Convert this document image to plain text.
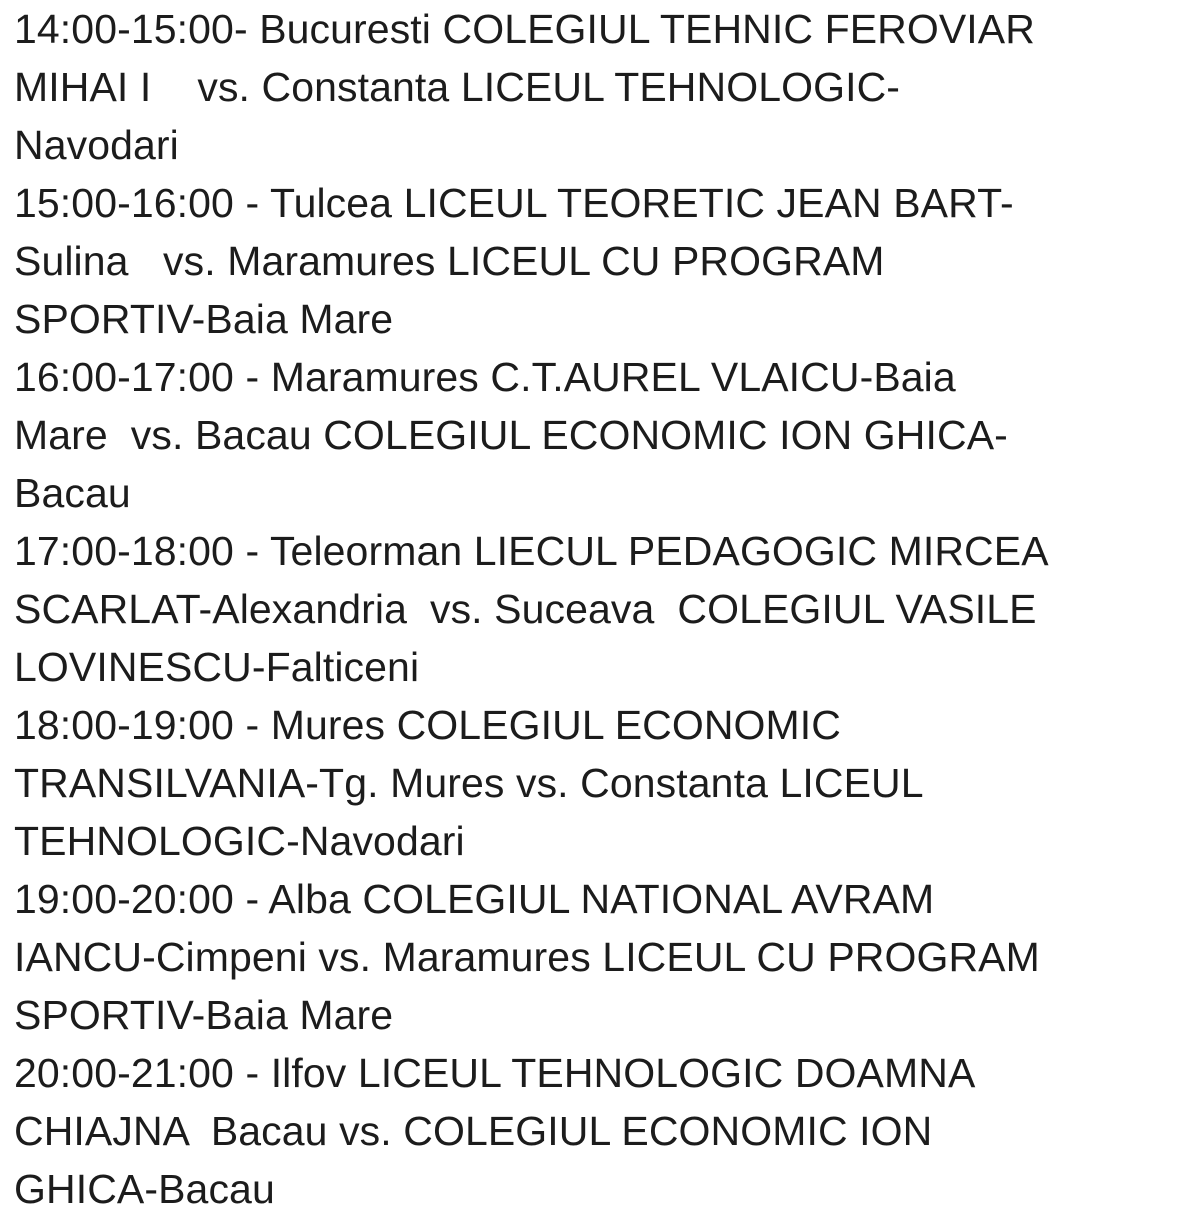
14:00-15:00- Bucuresti COLEGIUL TEHNIC FEROVIAR
MIHAI I    vs. Constanta LICEUL TEHNOLOGIC-
Navodari
15:00-16:00 - Tulcea LICEUL TEORETIC JEAN BART-
Sulina   vs. Maramures LICEUL CU PROGRAM
SPORTIV-Baia Mare
16:00-17:00 - Maramures C.T.AUREL VLAICU-Baia
Mare  vs. Bacau COLEGIUL ECONOMIC ION GHICA-
Bacau
17:00-18:00 - Teleorman LIECUL PEDAGOGIC MIRCEA
SCARLAT-Alexandria  vs. Suceava  COLEGIUL VASILE
LOVINESCU-Falticeni
18:00-19:00 - Mures COLEGIUL ECONOMIC
TRANSILVANIA-Tg. Mures vs. Constanta LICEUL
TEHNOLOGIC-Navodari
19:00-20:00 - Alba COLEGIUL NATIONAL AVRAM
IANCU-Cimpeni vs. Maramures LICEUL CU PROGRAM
SPORTIV-Baia Mare
20:00-21:00 - Ilfov LICEUL TEHNOLOGIC DOAMNA
CHIAJNA  Bacau vs. COLEGIUL ECONOMIC ION
GHICA-Bacau
